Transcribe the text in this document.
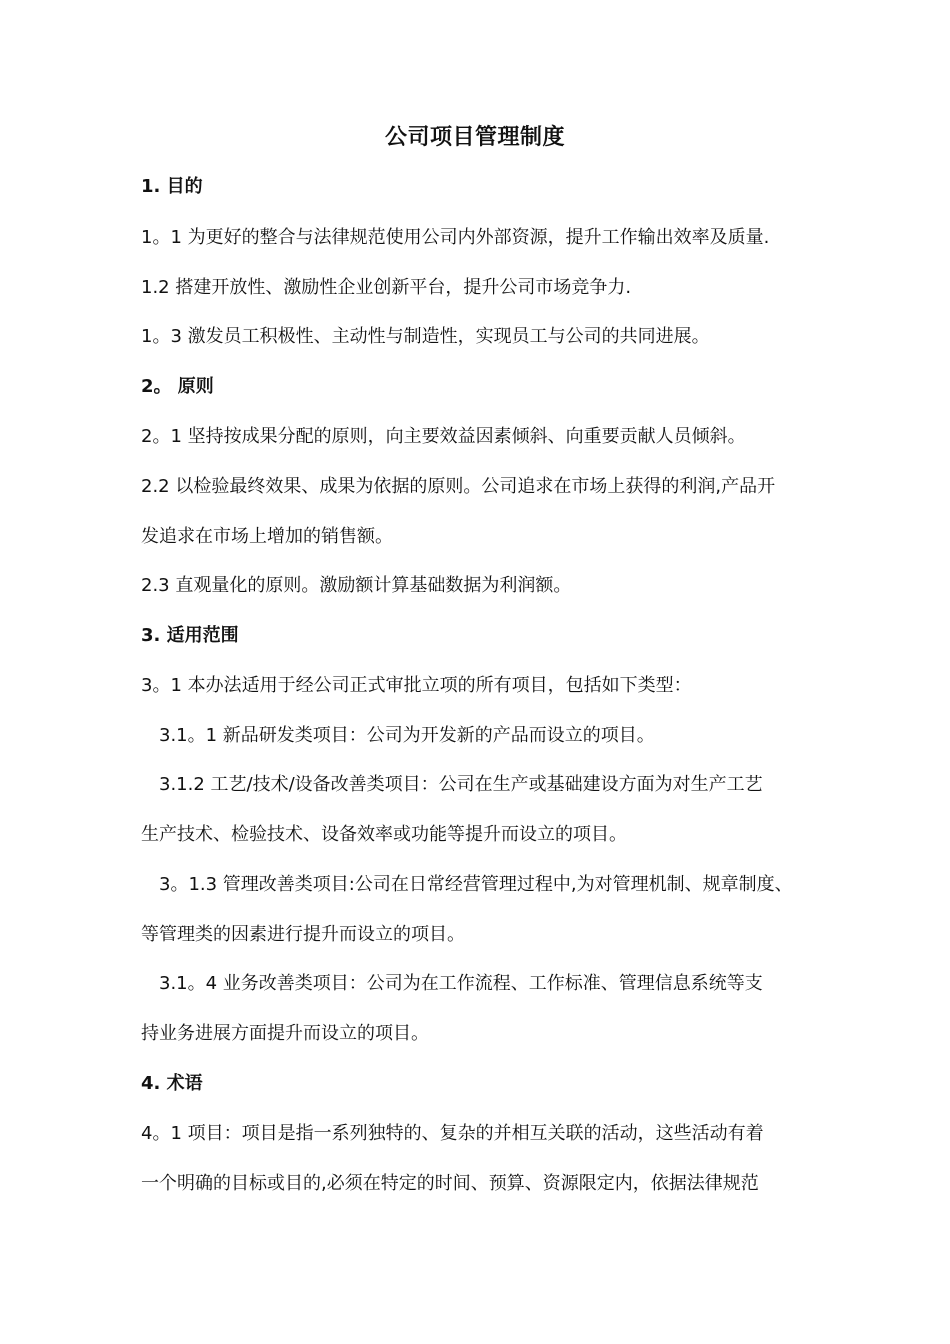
公司项目管理制度
1. 目的
1。1 为更好的整合与法律规范使用公司内外部资源，提升工作输出效率及质量.
1.2 搭建开放性、激励性企业创新平台，提升公司市场竞争力.
1。3 激发员工积极性、主动性与制造性，实现员工与公司的共同进展。
2。 原则
2。1 坚持按成果分配的原则，向主要效益因素倾斜、向重要贡献人员倾斜。
2.2 以检验最终效果、成果为依据的原则。公司追求在市场上获得的利润,产品开
发追求在市场上增加的销售额。
2.3 直观量化的原则。激励额计算基础数据为利润额。
3. 适用范围
3。1 本办法适用于经公司正式审批立项的所有项目，包括如下类型：
3.1。1 新品研发类项目：公司为开发新的产品而设立的项目。
3.1.2 工艺/技术/设备改善类项目：公司在生产或基础建设方面为对生产工艺
生产技术、检验技术、设备效率或功能等提升而设立的项目。
3。1.3 管理改善类项目:公司在日常经营管理过程中,为对管理机制、规章制度、
等管理类的因素进行提升而设立的项目。
3.1。4 业务改善类项目：公司为在工作流程、工作标准、管理信息系统等支
持业务进展方面提升而设立的项目。
4. 术语
4。1 项目：项目是指一系列独特的、复杂的并相互关联的活动，这些活动有着
一个明确的目标或目的,必须在特定的时间、预算、资源限定内，依据法律规范
